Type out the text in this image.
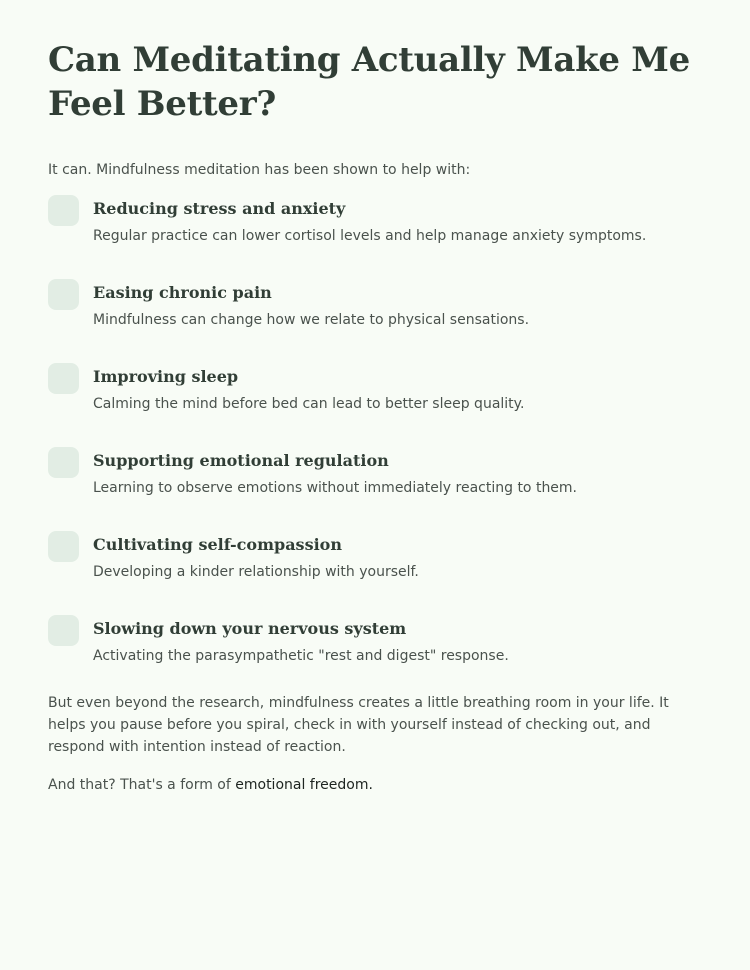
Can Meditating Actually Make Me Feel Better?

It can. Mindfulness meditation has been shown to help with:

Reducing stress and anxiety
Regular practice can lower cortisol levels and help manage anxiety symptoms.
Easing chronic pain
Mindfulness can change how we relate to physical sensations.
Improving sleep
Calming the mind before bed can lead to better sleep quality.
Supporting emotional regulation
Learning to observe emotions without immediately reacting to them.
Cultivating self-compassion
Developing a kinder relationship with yourself.
Slowing down your nervous system
Activating the parasympathetic "rest and digest" response.

But even beyond the research, mindfulness creates a little breathing room in your life. It helps you pause before you spiral, check in with yourself instead of checking out, and respond with intention instead of reaction.

And that? That's a form of emotional freedom.
